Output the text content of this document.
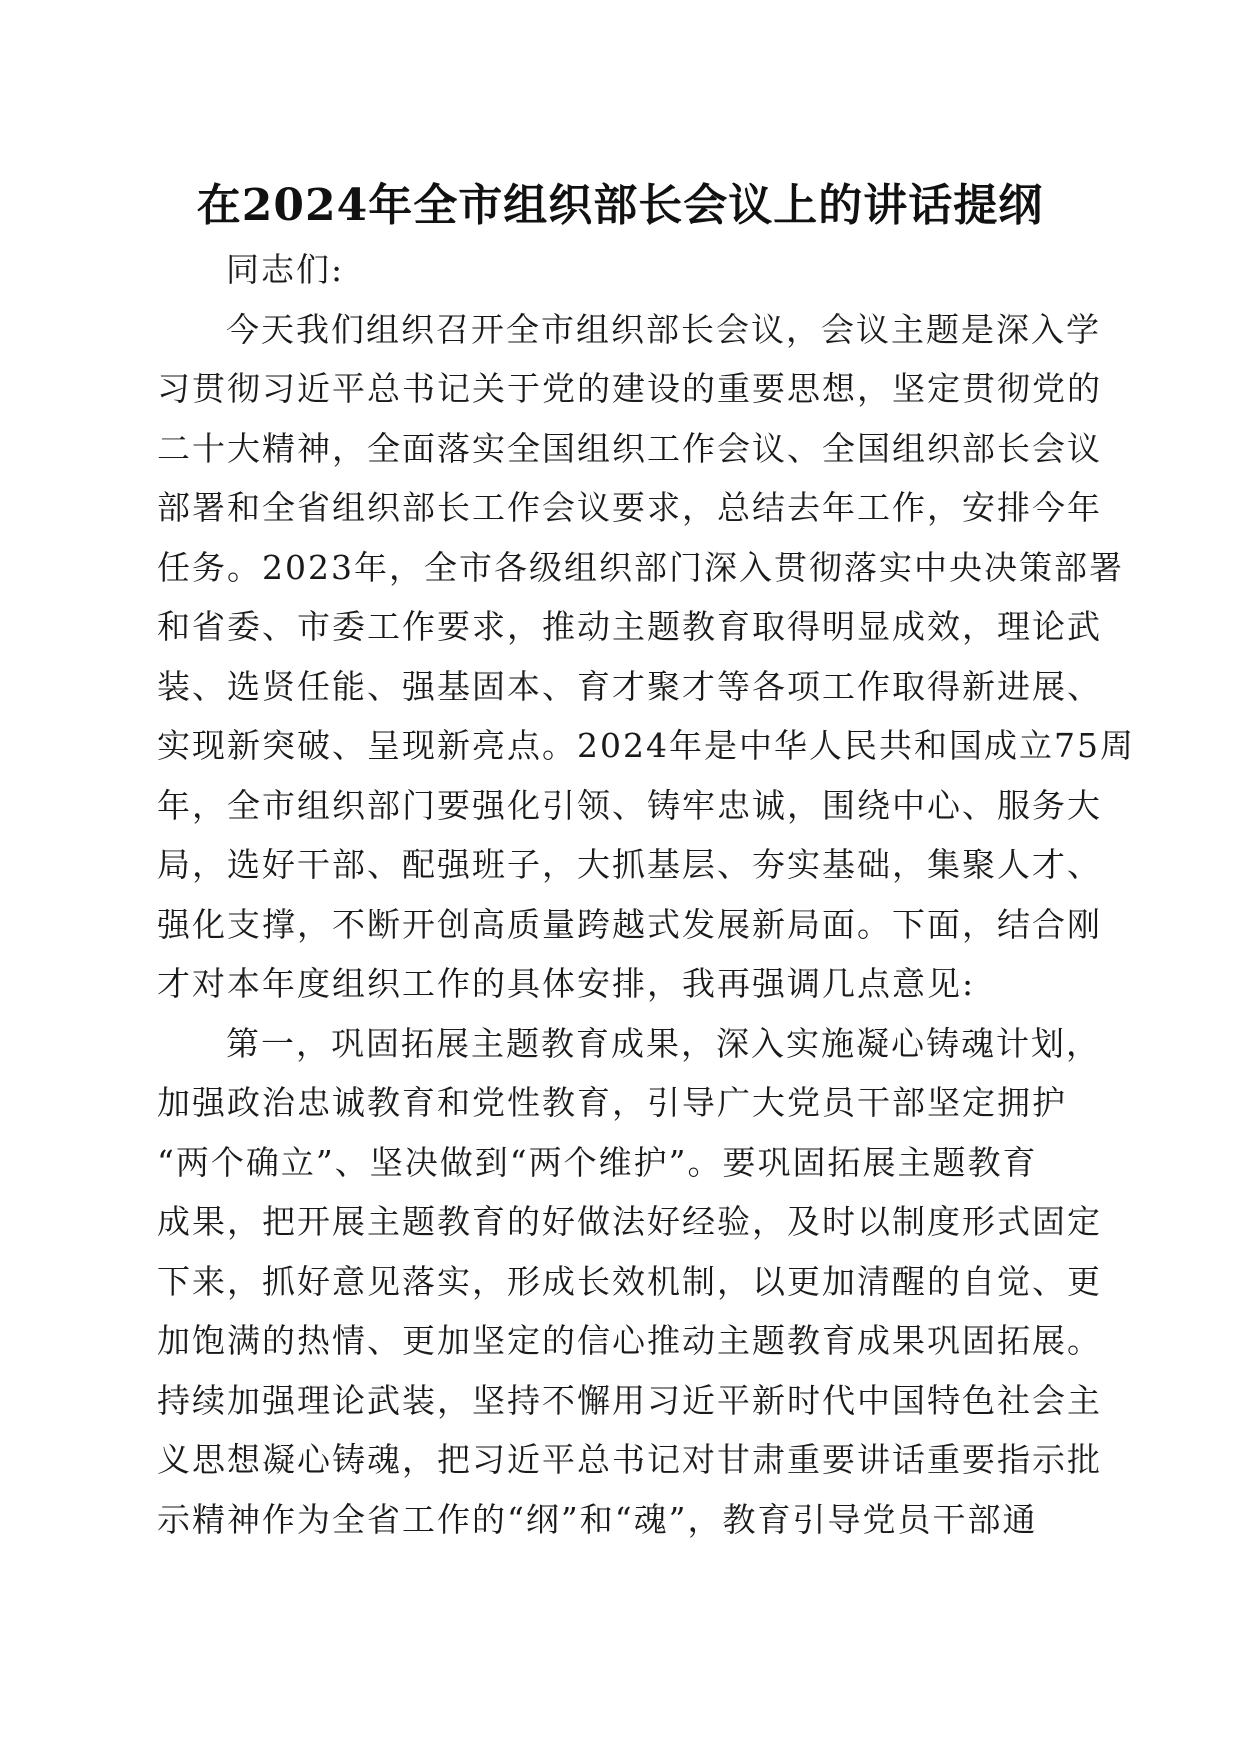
在2024年全市组织部长会议上的讲话提纲
同志们:
今天我们组织召开全市组织部长会议，会议主题是深入学
习贯彻习近平总书记关于党的建设的重要思想，坚定贯彻党的
二十大精神，全面落实全国组织工作会议、全国组织部长会议
部署和全省组织部长工作会议要求，总结去年工作，安排今年
任务。2023年，全市各级组织部门深入贯彻落实中央决策部署
和省委、市委工作要求，推动主题教育取得明显成效，理论武
装、选贤任能、强基固本、育才聚才等各项工作取得新进展、
实现新突破、呈现新亮点。2024年是中华人民共和国成立75周
年，全市组织部门要强化引领、铸牢忠诚，围绕中心、服务大
局，选好干部、配强班子，大抓基层、夯实基础，集聚人才、
强化支撑，不断开创高质量跨越式发展新局面。下面，结合刚
才对本年度组织工作的具体安排，我再强调几点意见:
第一，巩固拓展主题教育成果，深入实施凝心铸魂计划，
加强政治忠诚教育和党性教育，引导广大党员干部坚定拥护
“两个确立”、坚决做到“两个维护”。要巩固拓展主题教育
成果，把开展主题教育的好做法好经验，及时以制度形式固定
下来，抓好意见落实，形成长效机制，以更加清醒的自觉、更
加饱满的热情、更加坚定的信心推动主题教育成果巩固拓展。
持续加强理论武装，坚持不懈用习近平新时代中国特色社会主
义思想凝心铸魂，把习近平总书记对甘肃重要讲话重要指示批
示精神作为全省工作的“纲”和“魂”，教育引导党员干部通
